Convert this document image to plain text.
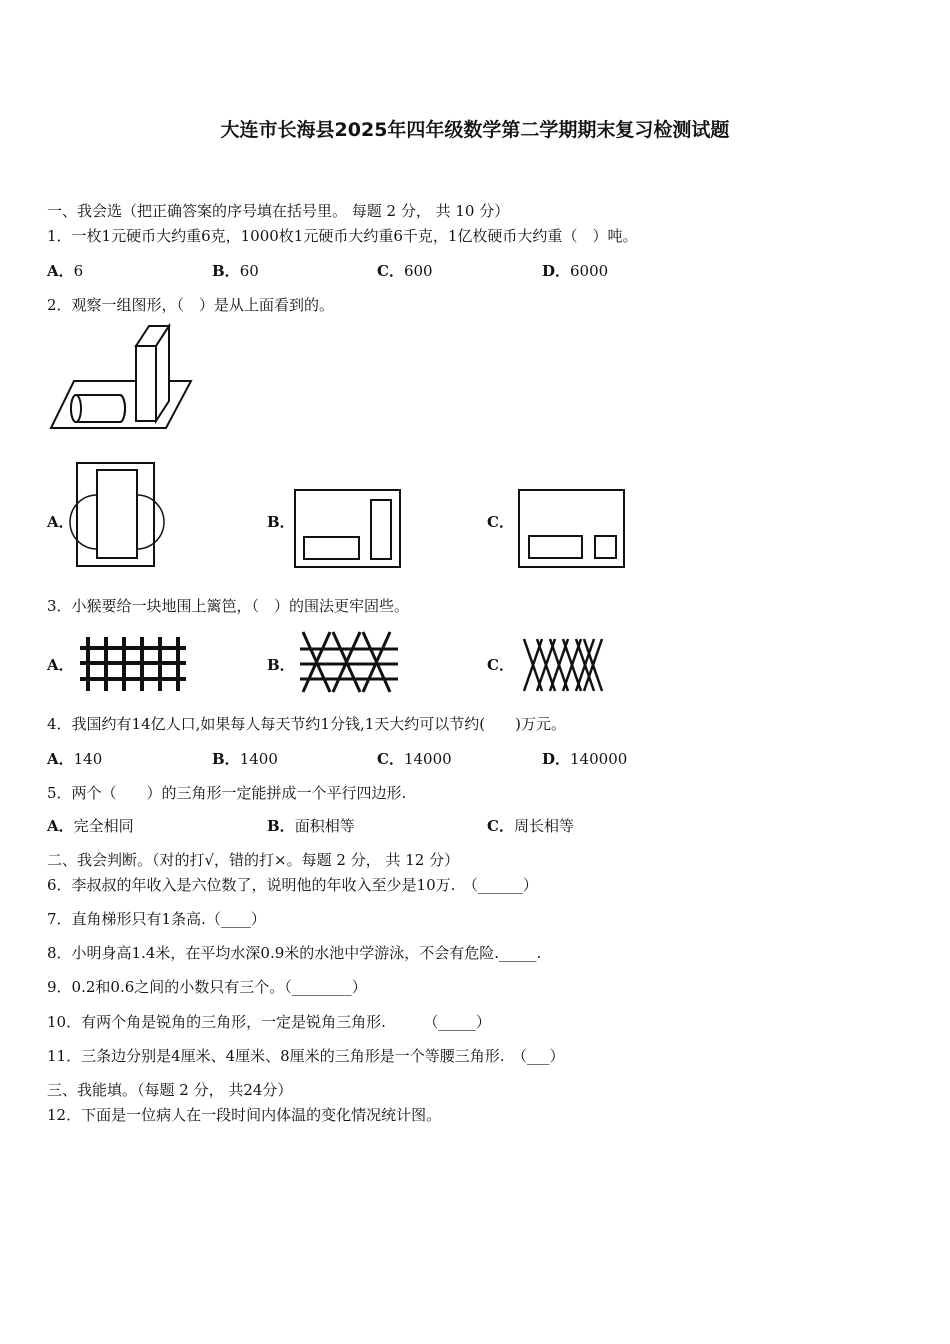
大连市长海县2025年四年级数学第二学期期末复习检测试题
一、我会选（把正确答案的序号填在括号里。 每题 2 分， 共 10 分）
1．一枚1元硬币大约重6克，1000枚1元硬币大约重6千克，1亿枚硬币大约重（　）吨。
A．6	B．60	C．600	D．6000
2．观察一组图形，（　）是从上面看到的。
A．	B．	C．
3．小猴要给一块地围上篱笆，（　）的围法更牢固些。
A．	B．	C．
4．我国约有14亿人口,如果每人每天节约1分钱,1天大约可以节约(　　)万元。
A．140	B．1400	C．14000	D．140000
5．两个（　　）的三角形一定能拼成一个平行四边形.
A．完全相同	B．面积相等	C．周长相等
二、我会判断。（对的打√，错的打×。每题 2 分， 共 12 分）
6．李叔叔的年收入是六位数了，说明他的年收入至少是10万.　（______）
7．直角梯形只有1条高.（____）
8．小明身高1.4米，在平均水深0.9米的水池中学游泳，不会有危险._____.
9．0.2和0.6之间的小数只有三个。（________）
10．有两个角是锐角的三角形，一定是锐角三角形.　　　（_____）
11．三条边分别是4厘米、4厘米、8厘米的三角形是一个等腰三角形.　（___）
三、我能填。（每题 2 分， 共24分）
12．下面是一位病人在一段时间内体温的变化情况统计图。
